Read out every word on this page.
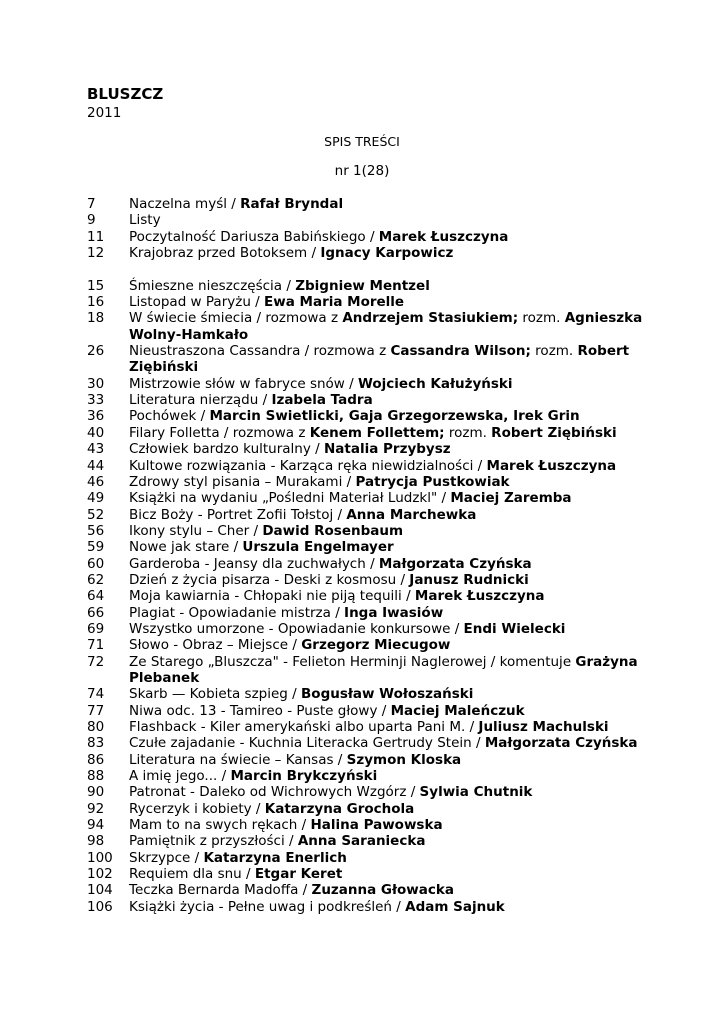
BLUSZCZ
2011
SPIS TREŚCI
nr 1(28)
7	Naczelna myśl / Rafał Bryndal
9	Listy
11	Poczytalność Dariusza Babińskiego / Marek Łuszczyna
12	Krajobraz przed Botoksem / Ignacy Karpowicz
15	Śmieszne nieszczęścia / Zbigniew Mentzel
16	Listopad w Paryżu / Ewa Maria Morelle
18	W świecie śmiecia / rozmowa z Andrzejem Stasiukiem; rozm. Agnieszka Wolny-Hamkało
26	Nieustraszona Cassandra / rozmowa z Cassandra Wilson; rozm. Robert Ziębiński
30	Mistrzowie słów w fabryce snów / Wojciech Kałużyński
33	Literatura nierządu / Izabela Tadra
36	Pochówek / Marcin Swietlicki, Gaja Grzegorzewska, Irek Grin
40	Filary Folletta / rozmowa z Kenem Follettem; rozm. Robert Ziębiński
43	Człowiek bardzo kulturalny / Natalia Przybysz
44	Kultowe rozwiązania - Karząca ręka niewidzialności / Marek Łuszczyna
46	Zdrowy styl pisania – Murakami / Patrycja Pustkowiak
49	Książki na wydaniu „Pośledni Materiał Ludzkl" / Maciej Zaremba
52	Bicz Boży - Portret Zofii Tołstoj / Anna Marchewka
56	Ikony stylu – Cher / Dawid Rosenbaum
59	Nowe jak stare / Urszula Engelmayer
60	Garderoba - Jeansy dla zuchwałych / Małgorzata Czyńska
62	Dzień z życia pisarza - Deski z kosmosu / Janusz Rudnicki
64	Moja kawiarnia - Chłopaki nie piją tequili / Marek Łuszczyna
66	Plagiat - Opowiadanie mistrza / Inga Iwasiów
69	Wszystko umorzone - Opowiadanie konkursowe / Endi Wielecki
71	Słowo - Obraz – Miejsce / Grzegorz Miecugow
72	Ze Starego „Bluszcza" - Felieton Herminji Naglerowej / komentuje Grażyna Plebanek
74	Skarb — Kobieta szpieg / Bogusław Wołoszański
77	Niwa odc. 13 - Tamireo - Puste głowy / Maciej Maleńczuk
80	Flashback - Kiler amerykański albo uparta Pani M. / Juliusz Machulski
83	Czułe zajadanie - Kuchnia Literacka Gertrudy Stein / Małgorzata Czyńska
86	Literatura na świecie – Kansas / Szymon Kloska
88	A imię jego... / Marcin Brykczyński
90	Patronat - Daleko od Wichrowych Wzgórz / Sylwia Chutnik
92	Rycerzyk i kobiety / Katarzyna Grochola
94	Mam to na swych rękach / Halina Pawowska
98	Pamiętnik z przyszłości / Anna Saraniecka
100	Skrzypce / Katarzyna Enerlich
102	Requiem dla snu / Etgar Keret
104	Teczka Bernarda Madoffa / Zuzanna Głowacka
106	Książki życia - Pełne uwag i podkreśleń / Adam Sajnuk
